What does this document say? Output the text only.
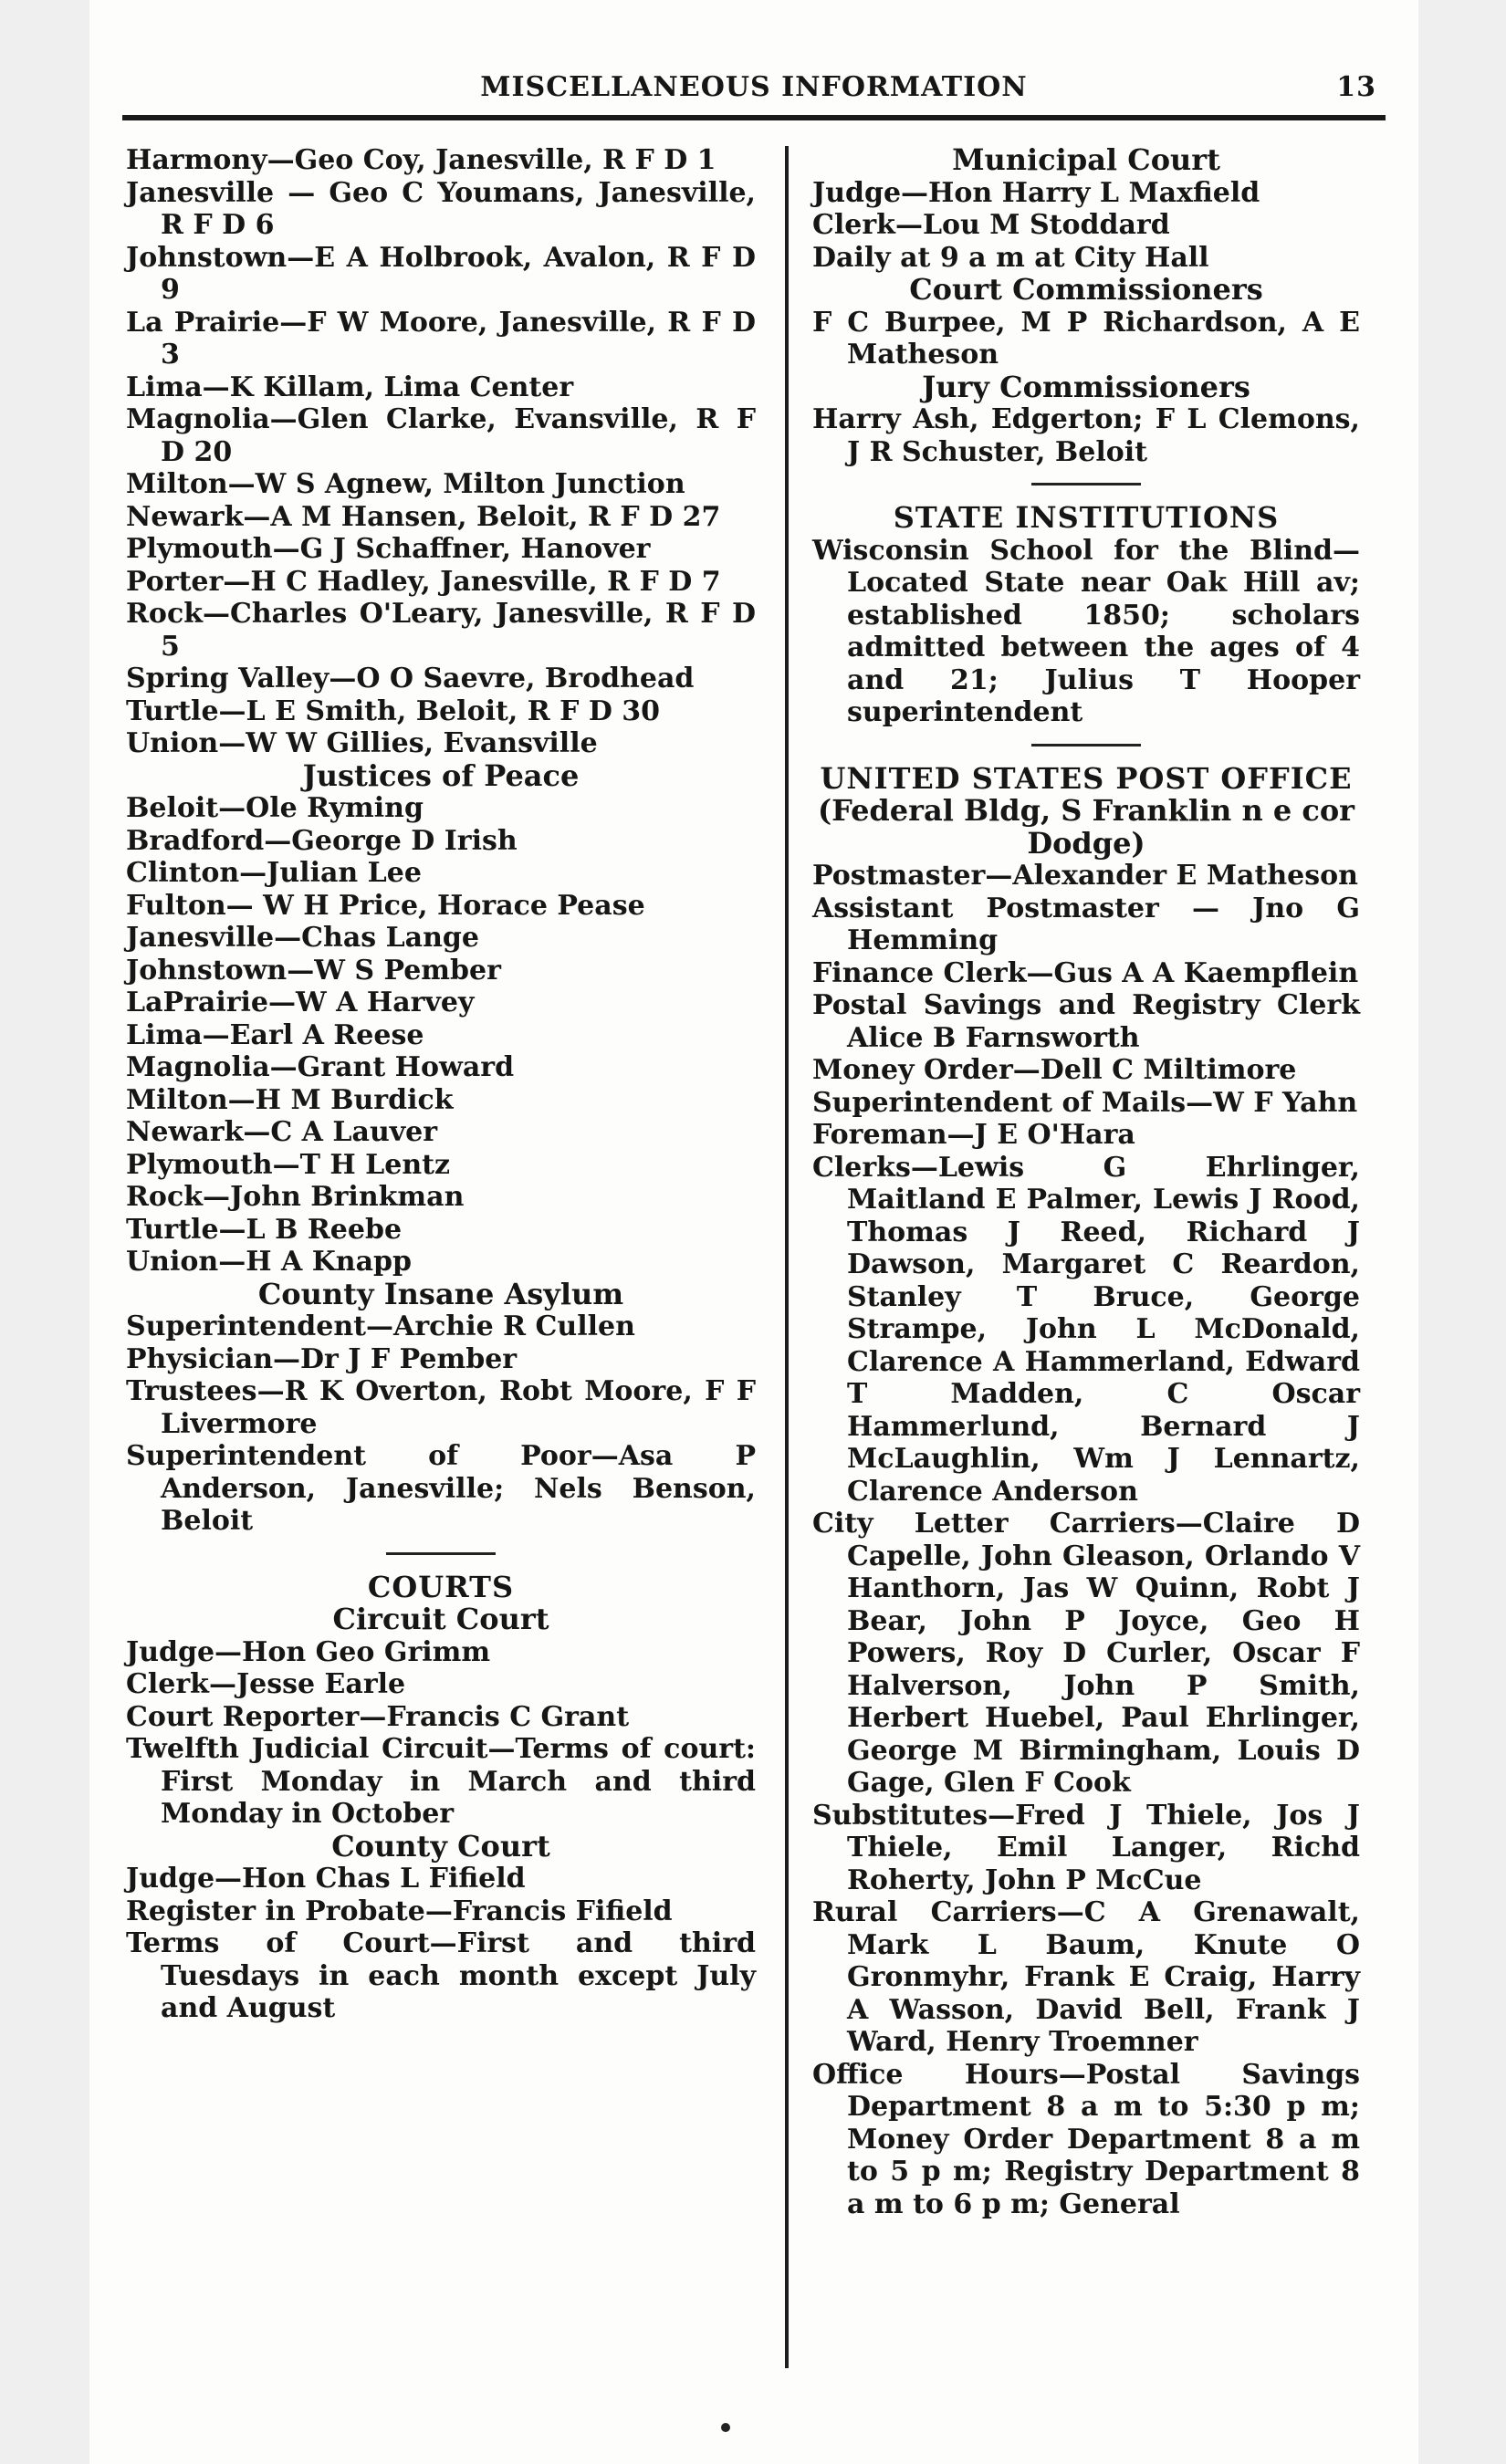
MISCELLANEOUS INFORMATION	13
Harmony—Geo Coy, Janesville, R F D 1
Janesville — Geo C Youmans, Janesville, R F D 6
Johnstown—E A Holbrook, Avalon, R F D 9
La Prairie—F W Moore, Janesville, R F D 3
Lima—K Killam, Lima Center
Magnolia—Glen Clarke, Evansville, R F D 20
Milton—W S Agnew, Milton Junction
Newark—A M Hansen, Beloit, R F D 27
Plymouth—G J Schaffner, Hanover
Porter—H C Hadley, Janesville, R F D 7
Rock—Charles O'Leary, Janesville, R F D 5
Spring Valley—O O Saevre, Brodhead
Turtle—L E Smith, Beloit, R F D 30
Union—W W Gillies, Evansville
Justices of Peace
Beloit—Ole Ryming
Bradford—George D Irish
Clinton—Julian Lee
Fulton— W H Price, Horace Pease
Janesville—Chas Lange
Johnstown—W S Pember
LaPrairie—W A Harvey
Lima—Earl A Reese
Magnolia—Grant Howard
Milton—H M Burdick
Newark—C A Lauver
Plymouth—T H Lentz
Rock—John Brinkman
Turtle—L B Reebe
Union—H A Knapp
County Insane Asylum
Superintendent—Archie R Cullen
Physician—Dr J F Pember
Trustees—R K Overton, Robt Moore, F F Livermore
Superintendent of Poor—Asa P Anderson, Janesville; Nels Benson, Beloit
COURTS
Circuit Court
Judge—Hon Geo Grimm
Clerk—Jesse Earle
Court Reporter—Francis C Grant
Twelfth Judicial Circuit—Terms of court: First Monday in March and third Monday in October
County Court
Judge—Hon Chas L Fifield
Register in Probate—Francis Fifield
Terms of Court—First and third Tuesdays in each month except July and August
Municipal Court
Judge—Hon Harry L Maxfield
Clerk—Lou M Stoddard
Daily at 9 a m at City Hall
Court Commissioners
F C Burpee, M P Richardson, A E Matheson
Jury Commissioners
Harry Ash, Edgerton; F L Clemons, J R Schuster, Beloit
STATE INSTITUTIONS
Wisconsin School for the Blind—Located State near Oak Hill av; established 1850; scholars admitted between the ages of 4 and 21; Julius T Hooper superintendent
UNITED STATES POST OFFICE
(Federal Bldg, S Franklin n e cor Dodge)
Postmaster—Alexander E Matheson
Assistant Postmaster — Jno G Hemming
Finance Clerk—Gus A A Kaempflein
Postal Savings and Registry Clerk Alice B Farnsworth
Money Order—Dell C Miltimore
Superintendent of Mails—W F Yahn
Foreman—J E O'Hara
Clerks—Lewis G Ehrlinger, Maitland E Palmer, Lewis J Rood, Thomas J Reed, Richard J Dawson, Margaret C Reardon, Stanley T Bruce, George Strampe, John L McDonald, Clarence A Hammerland, Edward T Madden, C Oscar Hammerlund, Bernard J McLaughlin, Wm J Lennartz, Clarence Anderson
City Letter Carriers—Claire D Capelle, John Gleason, Orlando V Hanthorn, Jas W Quinn, Robt J Bear, John P Joyce, Geo H Powers, Roy D Curler, Oscar F Halverson, John P Smith, Herbert Huebel, Paul Ehrlinger, George M Birmingham, Louis D Gage, Glen F Cook
Substitutes—Fred J Thiele, Jos J Thiele, Emil Langer, Richd Roherty, John P McCue
Rural Carriers—C A Grenawalt, Mark L Baum, Knute O Gronmyhr, Frank E Craig, Harry A Wasson, David Bell, Frank J Ward, Henry Troemner
Office Hours—Postal Savings Department 8 a m to 5:30 p m; Money Order Department 8 a m to 5 p m; Registry Department 8 a m to 6 p m; General
